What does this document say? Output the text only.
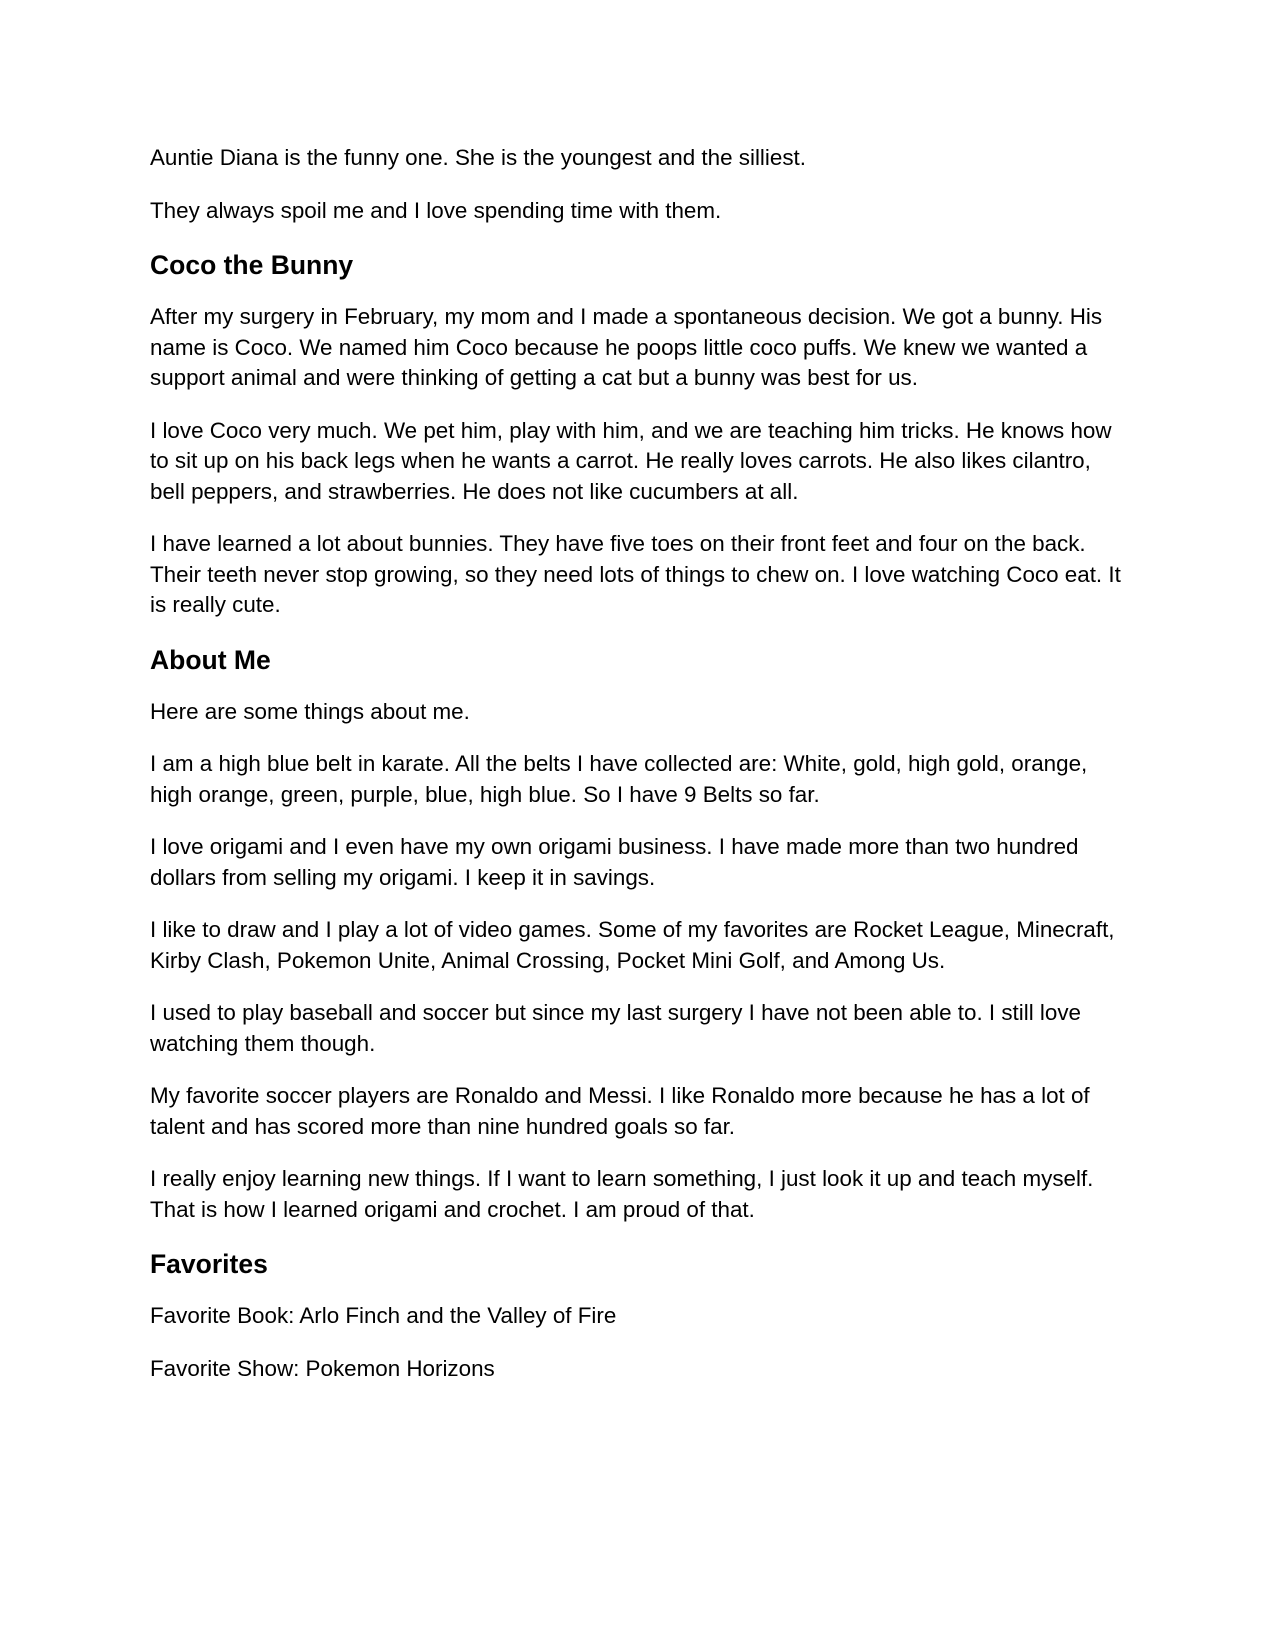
Auntie Diana is the funny one. She is the youngest and the silliest.

They always spoil me and I love spending time with them.

Coco the Bunny

After my surgery in February, my mom and I made a spontaneous decision. We got a bunny. His name is Coco. We named him Coco because he poops little coco puffs. We knew we wanted a support animal and were thinking of getting a cat but a bunny was best for us.

I love Coco very much. We pet him, play with him, and we are teaching him tricks. He knows how to sit up on his back legs when he wants a carrot. He really loves carrots. He also likes cilantro, bell peppers, and strawberries. He does not like cucumbers at all.

I have learned a lot about bunnies. They have five toes on their front feet and four on the back. Their teeth never stop growing, so they need lots of things to chew on. I love watching Coco eat. It is really cute.

About Me

Here are some things about me.

I am a high blue belt in karate. All the belts I have collected are: White, gold, high gold, orange, high orange, green, purple, blue, high blue. So I have 9 Belts so far.

I love origami and I even have my own origami business. I have made more than two hundred dollars from selling my origami. I keep it in savings.

I like to draw and I play a lot of video games. Some of my favorites are Rocket League, Minecraft, Kirby Clash, Pokemon Unite, Animal Crossing, Pocket Mini Golf, and Among Us.

I used to play baseball and soccer but since my last surgery I have not been able to. I still love watching them though.

My favorite soccer players are Ronaldo and Messi. I like Ronaldo more because he has a lot of talent and has scored more than nine hundred goals so far.

I really enjoy learning new things. If I want to learn something, I just look it up and teach myself. That is how I learned origami and crochet. I am proud of that.

Favorites

Favorite Book: Arlo Finch and the Valley of Fire

Favorite Show: Pokemon Horizons
